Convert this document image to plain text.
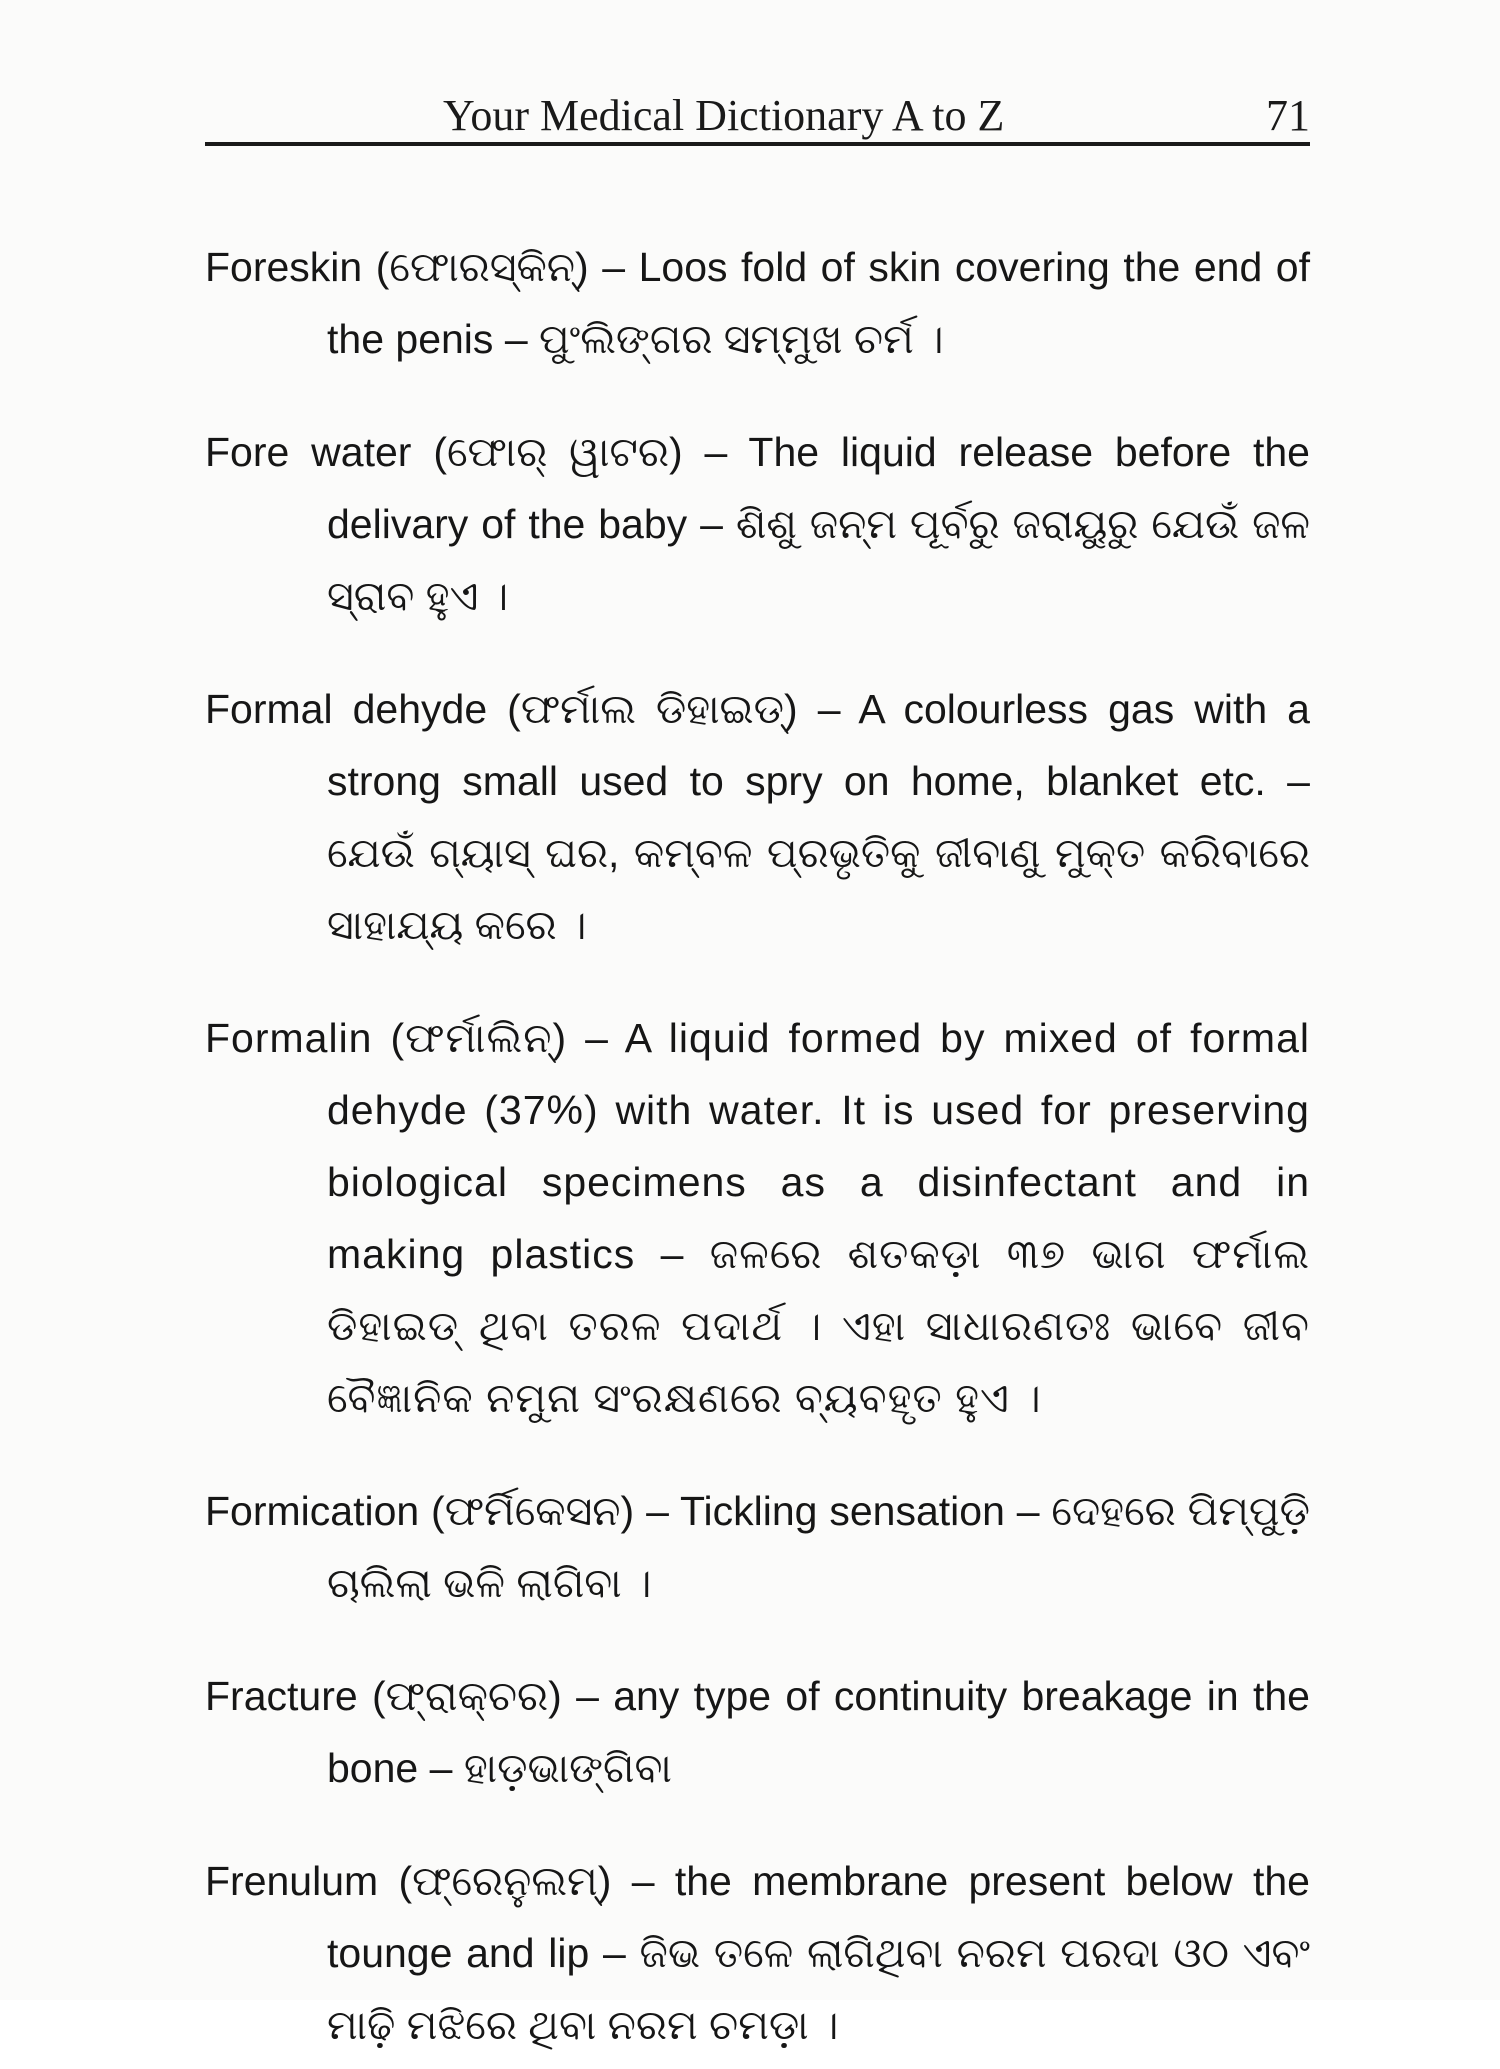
Your Medical Dictionary A to Z	71

Foreskin (ଫୋରସ୍କିନ୍) – Loos fold of skin covering the end of the penis – ପୁଂଲିଙ୍ଗର ସମ୍ମୁଖ ଚର୍ମ ।

Fore water (ଫୋର୍ ୱାଟର) – The liquid release before the delivary of the baby – ଶିଶୁ ଜନ୍ମ ପୂର୍ବରୁ ଜରାୟୁରୁ ଯେଉଁ ଜଳ ସ୍ରାବ ହୁଏ ।

Formal dehyde (ଫର୍ମାଲ ଡିହାଇଡ୍) – A colourless gas with a strong small used to spry on home, blanket etc. – ଯେଉଁ ଗ୍ୟାସ୍ ଘର, କମ୍ବଳ ପ୍ରଭୃତିକୁ ଜୀବାଣୁ ମୁକ୍ତ କରିବାରେ ସାହାଯ୍ୟ କରେ ।

Formalin (ଫର୍ମାଲିନ୍) – A liquid formed by mixed of formal dehyde (37%) with water. It is used for preserving biological specimens as a disinfectant and in making plastics – ଜଳରେ ଶତକଡ଼ା ୩୭ ଭାଗ ଫର୍ମାଲ ଡିହାଇଡ୍ ଥିବା ତରଳ ପଦାର୍ଥ । ଏହା ସାଧାରଣତଃ ଭାବେ ଜୀବ ବୈଜ୍ଞାନିକ ନମୁନା ସଂରକ୍ଷଣରେ ବ୍ୟବହୃତ ହୁଏ ।

Formication (ଫର୍ମିକେସନ) – Tickling sensation – ଦେହରେ ପିମ୍ପୁଡ଼ି ଚାଲିଲା ଭଳି ଲାଗିବା ।

Fracture (ଫ୍ରାକ୍ଚର) – any type of continuity breakage in the bone – ହାଡ଼ଭାଙ୍ଗିବା

Frenulum (ଫ୍ରେନୁଲମ୍) – the membrane present below the tounge and lip – ଜିଭ ତଳେ ଲାଗିଥିବା ନରମ ପରଦା ଓଠ ଏବଂ ମାଢ଼ି ମଝିରେ ଥିବା ନରମ ଚମଡ଼ା ।
